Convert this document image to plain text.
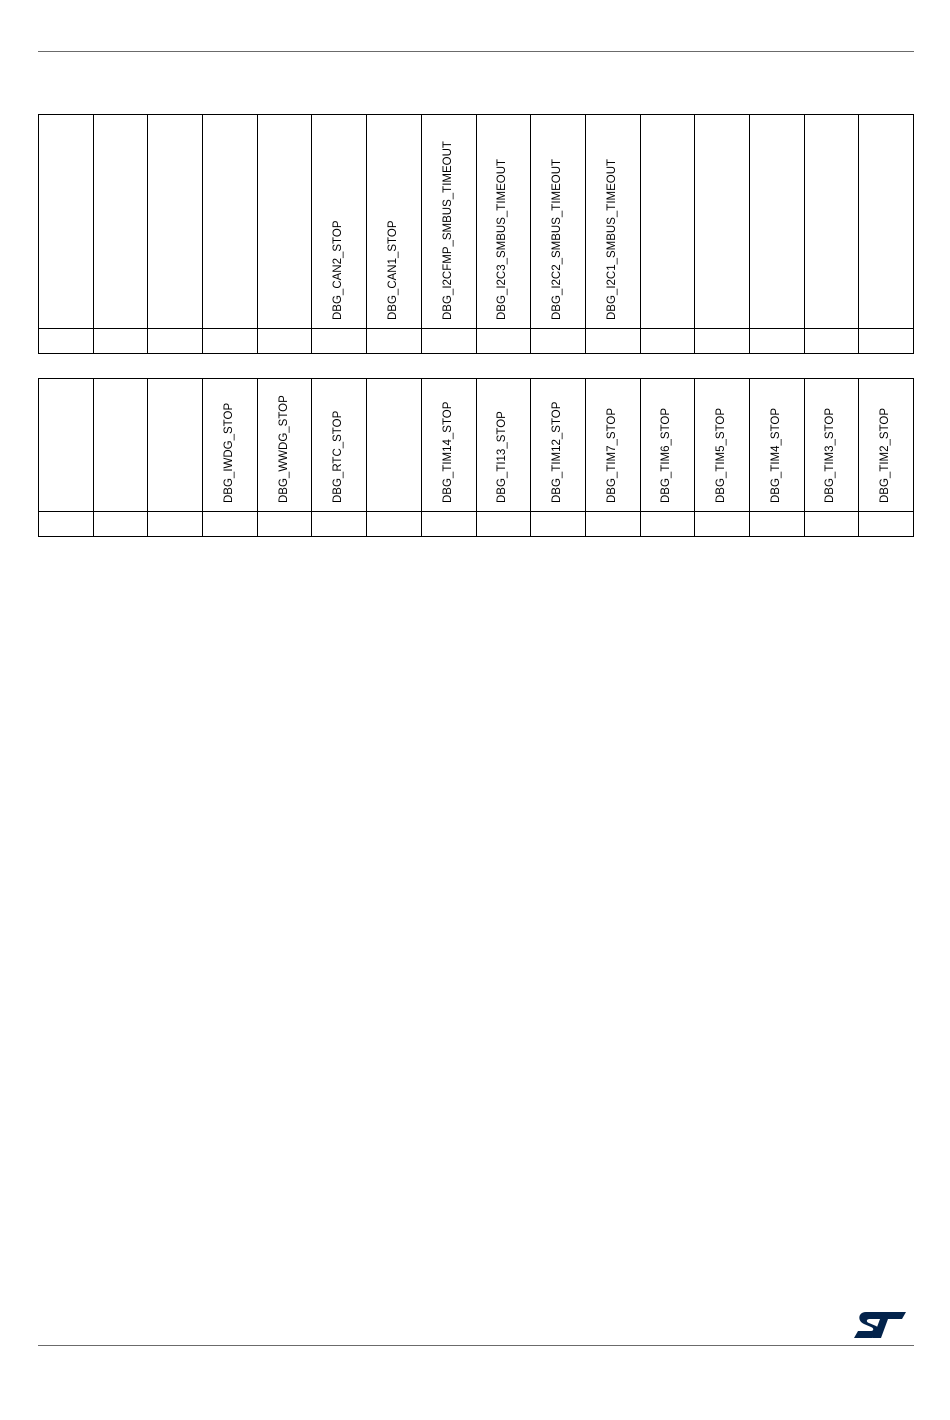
					DBG_CAN2_STOP	DBG_CAN1_STOP	DBG_I2CFMP_SMBUS_TIMEOUT	DBG_I2C3_SMBUS_TIMEOUT	DBG_I2C2_SMBUS_TIMEOUT	DBG_I2C1_SMBUS_TIMEOUT					

			DBG_IWDG_STOP	DBG_WWDG_STOP	DBG_RTC_STOP		DBG_TIM14_STOP	DBG_TI13_STOP	DBG_TIM12_STOP	DBG_TIM7_STOP	DBG_TIM6_STOP	DBG_TIM5_STOP	DBG_TIM4_STOP	DBG_TIM3_STOP	DBG_TIM2_STOP
